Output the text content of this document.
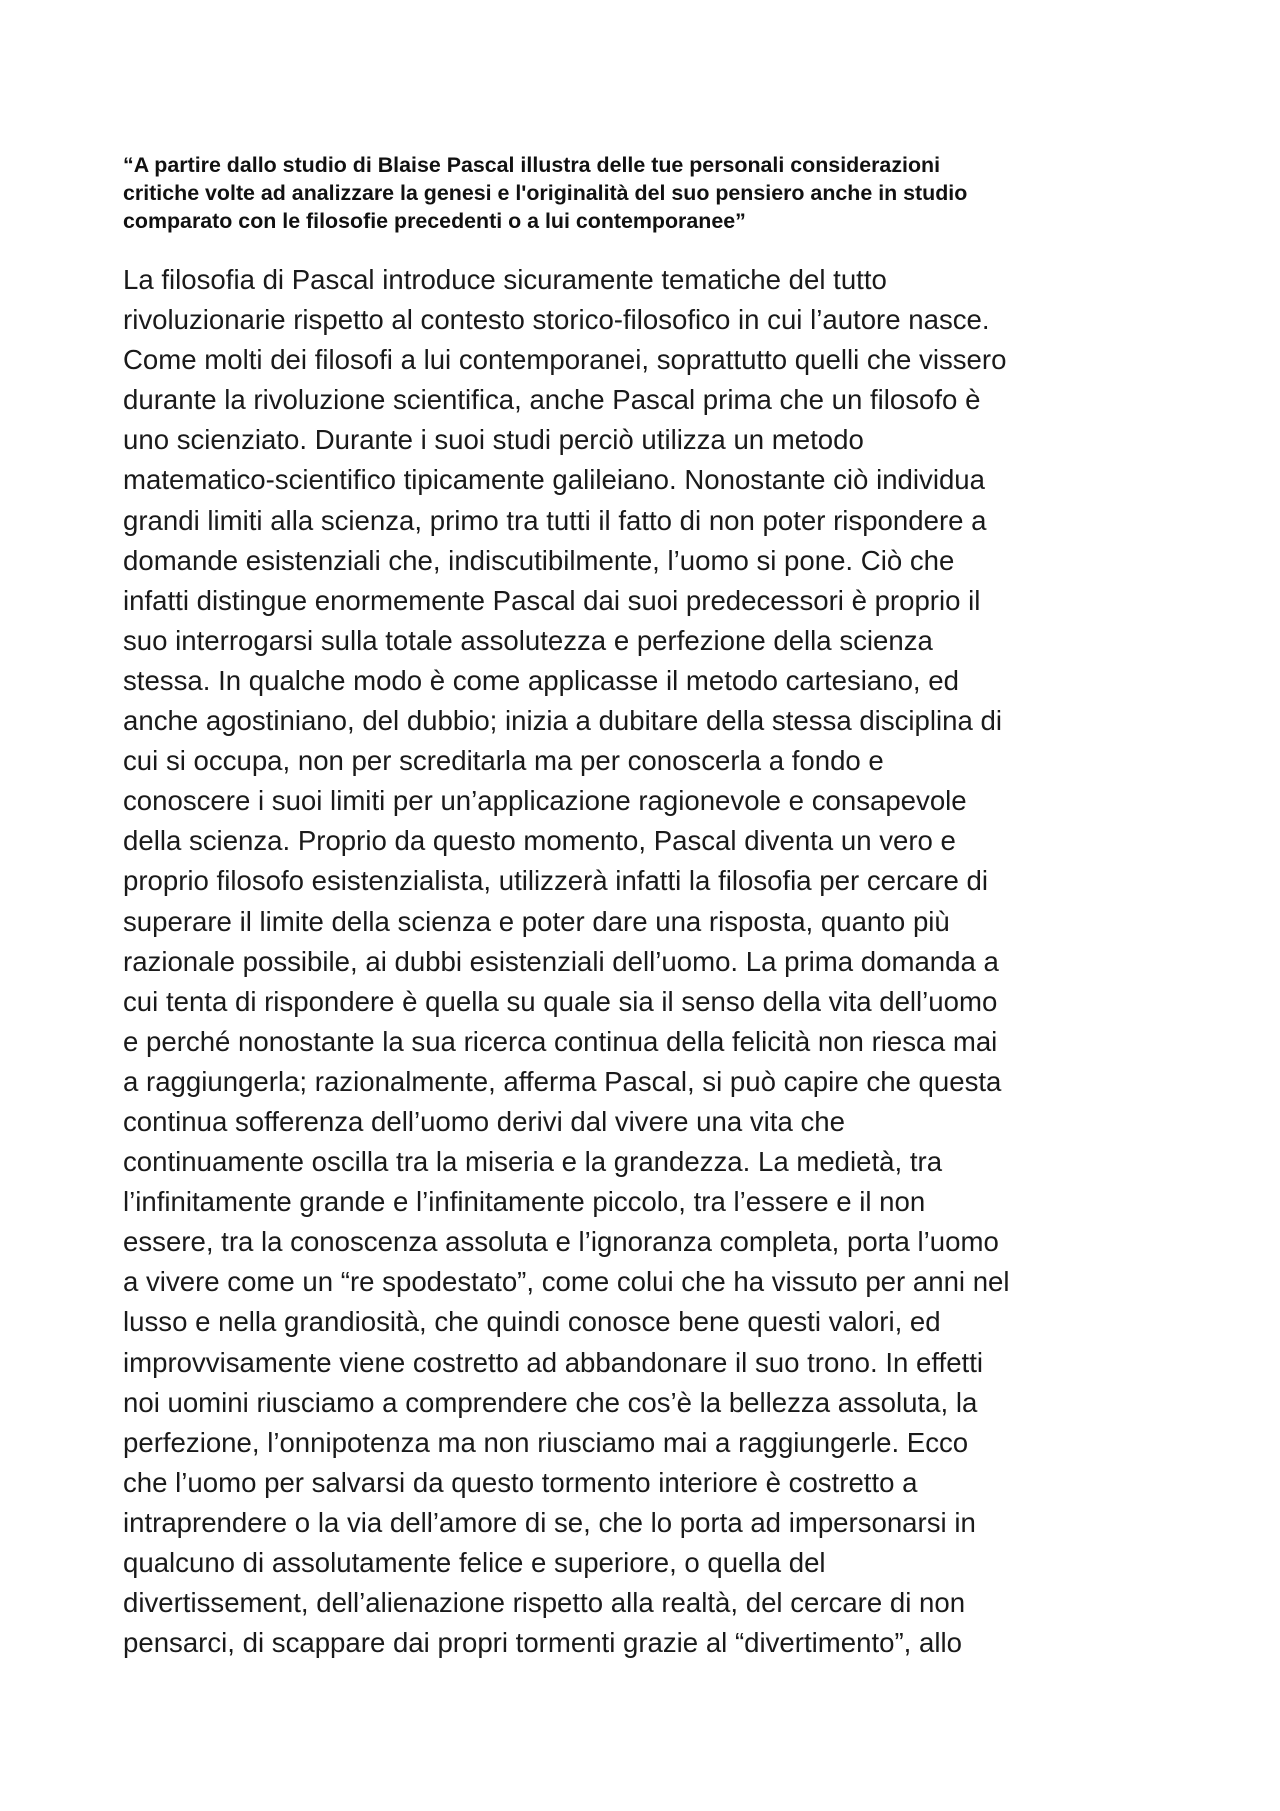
“A partire dallo studio di Blaise Pascal illustra delle tue personali considerazioni
critiche volte ad analizzare la genesi e l'originalità del suo pensiero anche in studio
comparato con le filosofie precedenti o a lui contemporanee”
La filosofia di Pascal introduce sicuramente tematiche del tutto
rivoluzionarie rispetto al contesto storico-filosofico in cui l’autore nasce.
Come molti dei filosofi a lui contemporanei, soprattutto quelli che vissero
durante la rivoluzione scientifica, anche Pascal prima che un filosofo è
uno scienziato. Durante i suoi studi perciò utilizza un metodo
matematico-scientifico tipicamente galileiano. Nonostante ciò individua
grandi limiti alla scienza, primo tra tutti il fatto di non poter rispondere a
domande esistenziali che, indiscutibilmente, l’uomo si pone. Ciò che
infatti distingue enormemente Pascal dai suoi predecessori è proprio il
suo interrogarsi sulla totale assolutezza e perfezione della scienza
stessa. In qualche modo è come applicasse il metodo cartesiano, ed
anche agostiniano, del dubbio; inizia a dubitare della stessa disciplina di
cui si occupa, non per screditarla ma per conoscerla a fondo e
conoscere i suoi limiti per un’applicazione ragionevole e consapevole
della scienza. Proprio da questo momento, Pascal diventa un vero e
proprio filosofo esistenzialista, utilizzerà infatti la filosofia per cercare di
superare il limite della scienza e poter dare una risposta, quanto più
razionale possibile, ai dubbi esistenziali dell’uomo. La prima domanda a
cui tenta di rispondere è quella su quale sia il senso della vita dell’uomo
e perché nonostante la sua ricerca continua della felicità non riesca mai
a raggiungerla; razionalmente, afferma Pascal, si può capire che questa
continua sofferenza dell’uomo derivi dal vivere una vita che
continuamente oscilla tra la miseria e la grandezza. La medietà, tra
l’infinitamente grande e l’infinitamente piccolo, tra l’essere e il non
essere, tra la conoscenza assoluta e l’ignoranza completa, porta l’uomo
a vivere come un “re spodestato”, come colui che ha vissuto per anni nel
lusso e nella grandiosità, che quindi conosce bene questi valori, ed
improvvisamente viene costretto ad abbandonare il suo trono. In effetti
noi uomini riusciamo a comprendere che cos’è la bellezza assoluta, la
perfezione, l’onnipotenza ma non riusciamo mai a raggiungerle. Ecco
che l’uomo per salvarsi da questo tormento interiore è costretto a
intraprendere o la via dell’amore di se, che lo porta ad impersonarsi in
qualcuno di assolutamente felice e superiore, o quella del
divertissement, dell’alienazione rispetto alla realtà, del cercare di non
pensarci, di scappare dai propri tormenti grazie al “divertimento”, allo
